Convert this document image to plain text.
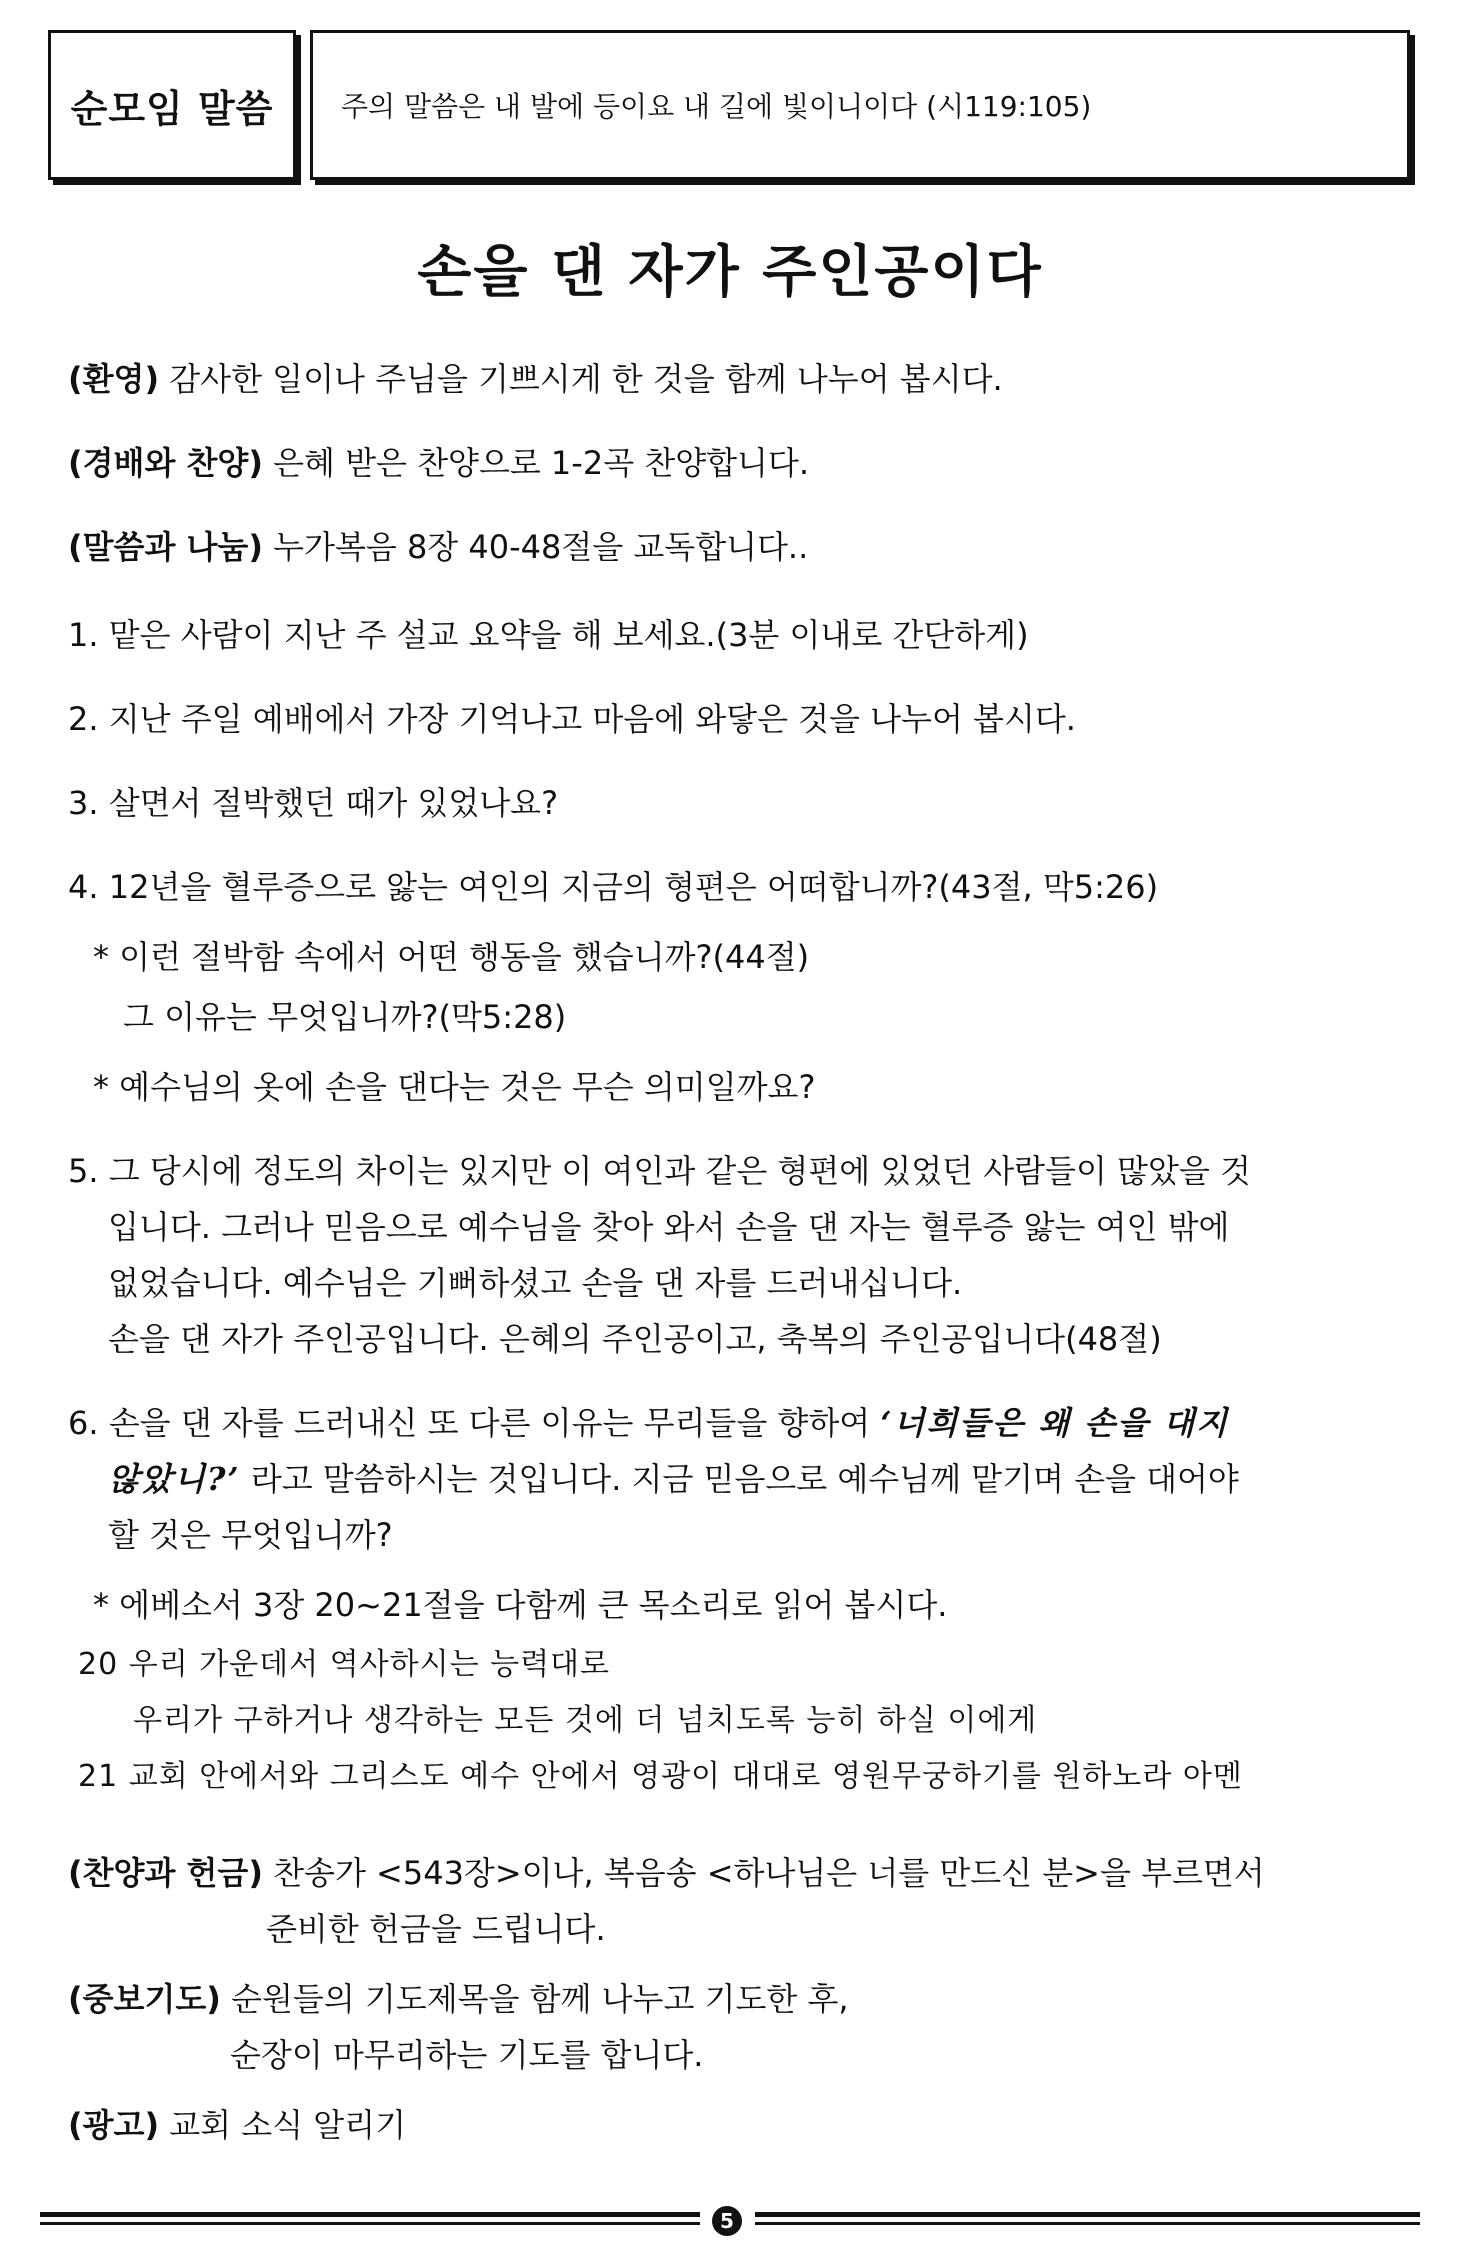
순모임 말씀 주의 말씀은 내 발에 등이요 내 길에 빛이니이다 (시119:105)
손을 댄 자가 주인공이다

(환영) 감사한 일이나 주님을 기쁘시게 한 것을 함께 나누어 봅시다.

(경배와 찬양) 은혜 받은 찬양으로 1-2곡 찬양합니다.

(말씀과 나눔) 누가복음 8장 40-48절을 교독합니다..

1. 맡은 사람이 지난 주 설교 요약을 해 보세요.(3분 이내로 간단하게)

2. 지난 주일 예배에서 가장 기억나고 마음에 와닿은 것을 나누어 봅시다.

3. 살면서 절박했던 때가 있었나요?

4. 12년을 혈루증으로 앓는 여인의 지금의 형편은 어떠합니까?(43절, 막5:26)

* 이런 절박함 속에서 어떤 행동을 했습니까?(44절)

그 이유는 무엇입니까?(막5:28)

* 예수님의 옷에 손을 댄다는 것은 무슨 의미일까요?

5. 그 당시에 정도의 차이는 있지만 이 여인과 같은 형편에 있었던 사람들이 많았을 것

입니다. 그러나 믿음으로 예수님을 찾아 와서 손을 댄 자는 혈루증 앓는 여인 밖에

없었습니다. 예수님은 기뻐하셨고 손을 댄 자를 드러내십니다.

손을 댄 자가 주인공입니다. 은혜의 주인공이고, 축복의 주인공입니다(48절)

6. 손을 댄 자를 드러내신 또 다른 이유는 무리들을 향하여 ‘너희들은 왜 손을 대지

않았니?’ 라고 말씀하시는 것입니다. 지금 믿음으로 예수님께 맡기며 손을 대어야

할 것은 무엇입니까?

* 에베소서 3장 20~21절을 다함께 큰 목소리로 읽어 봅시다.

20 우리 가운데서 역사하시는 능력대로

우리가 구하거나 생각하는 모든 것에 더 넘치도록 능히 하실 이에게

21 교회 안에서와 그리스도 예수 안에서 영광이 대대로 영원무궁하기를 원하노라 아멘

(찬양과 헌금) 찬송가 <543장>이나, 복음송 <하나님은 너를 만드신 분>을 부르면서

준비한 헌금을 드립니다.

(중보기도) 순원들의 기도제목을 함께 나누고 기도한 후,

순장이 마무리하는 기도를 합니다.

(광고) 교회 소식 알리기

5
